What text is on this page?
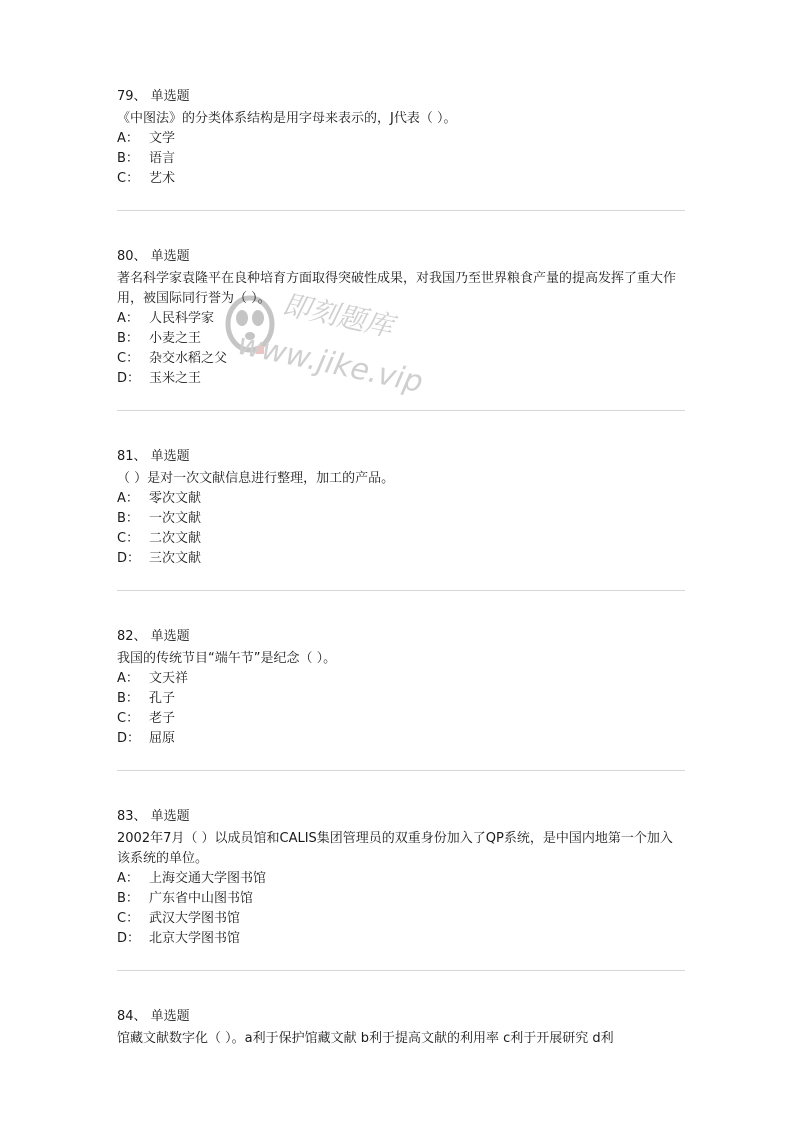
79、 单选题
《中图法》的分类体系结构是用字母来表示的，J代表（ ）。
A： 文学
B： 语言
C： 艺术
80、 单选题
著名科学家袁隆平在良种培育方面取得突破性成果，对我国乃至世界粮食产量的提高发挥了重大作用，被国际同行誉为（ ）。
A： 人民科学家
B： 小麦之王
C： 杂交水稻之父
D： 玉米之王
81、 单选题
（ ）是对一次文献信息进行整理，加工的产品。
A： 零次文献
B： 一次文献
C： 二次文献
D： 三次文献
82、 单选题
我国的传统节目“端午节”是纪念（ ）。
A： 文天祥
B： 孔子
C： 老子
D： 屈原
83、 单选题
2002年7月（ ）以成员馆和CALIS集团管理员的双重身份加入了QP系统，是中国内地第一个加入该系统的单位。
A： 上海交通大学图书馆
B： 广东省中山图书馆
C： 武汉大学图书馆
D： 北京大学图书馆
84、 单选题
馆藏文献数字化（ ）。a利于保护馆藏文献 b利于提高文献的利用率 c利于开展研究 d利
即刻题库
www.jike.vip
